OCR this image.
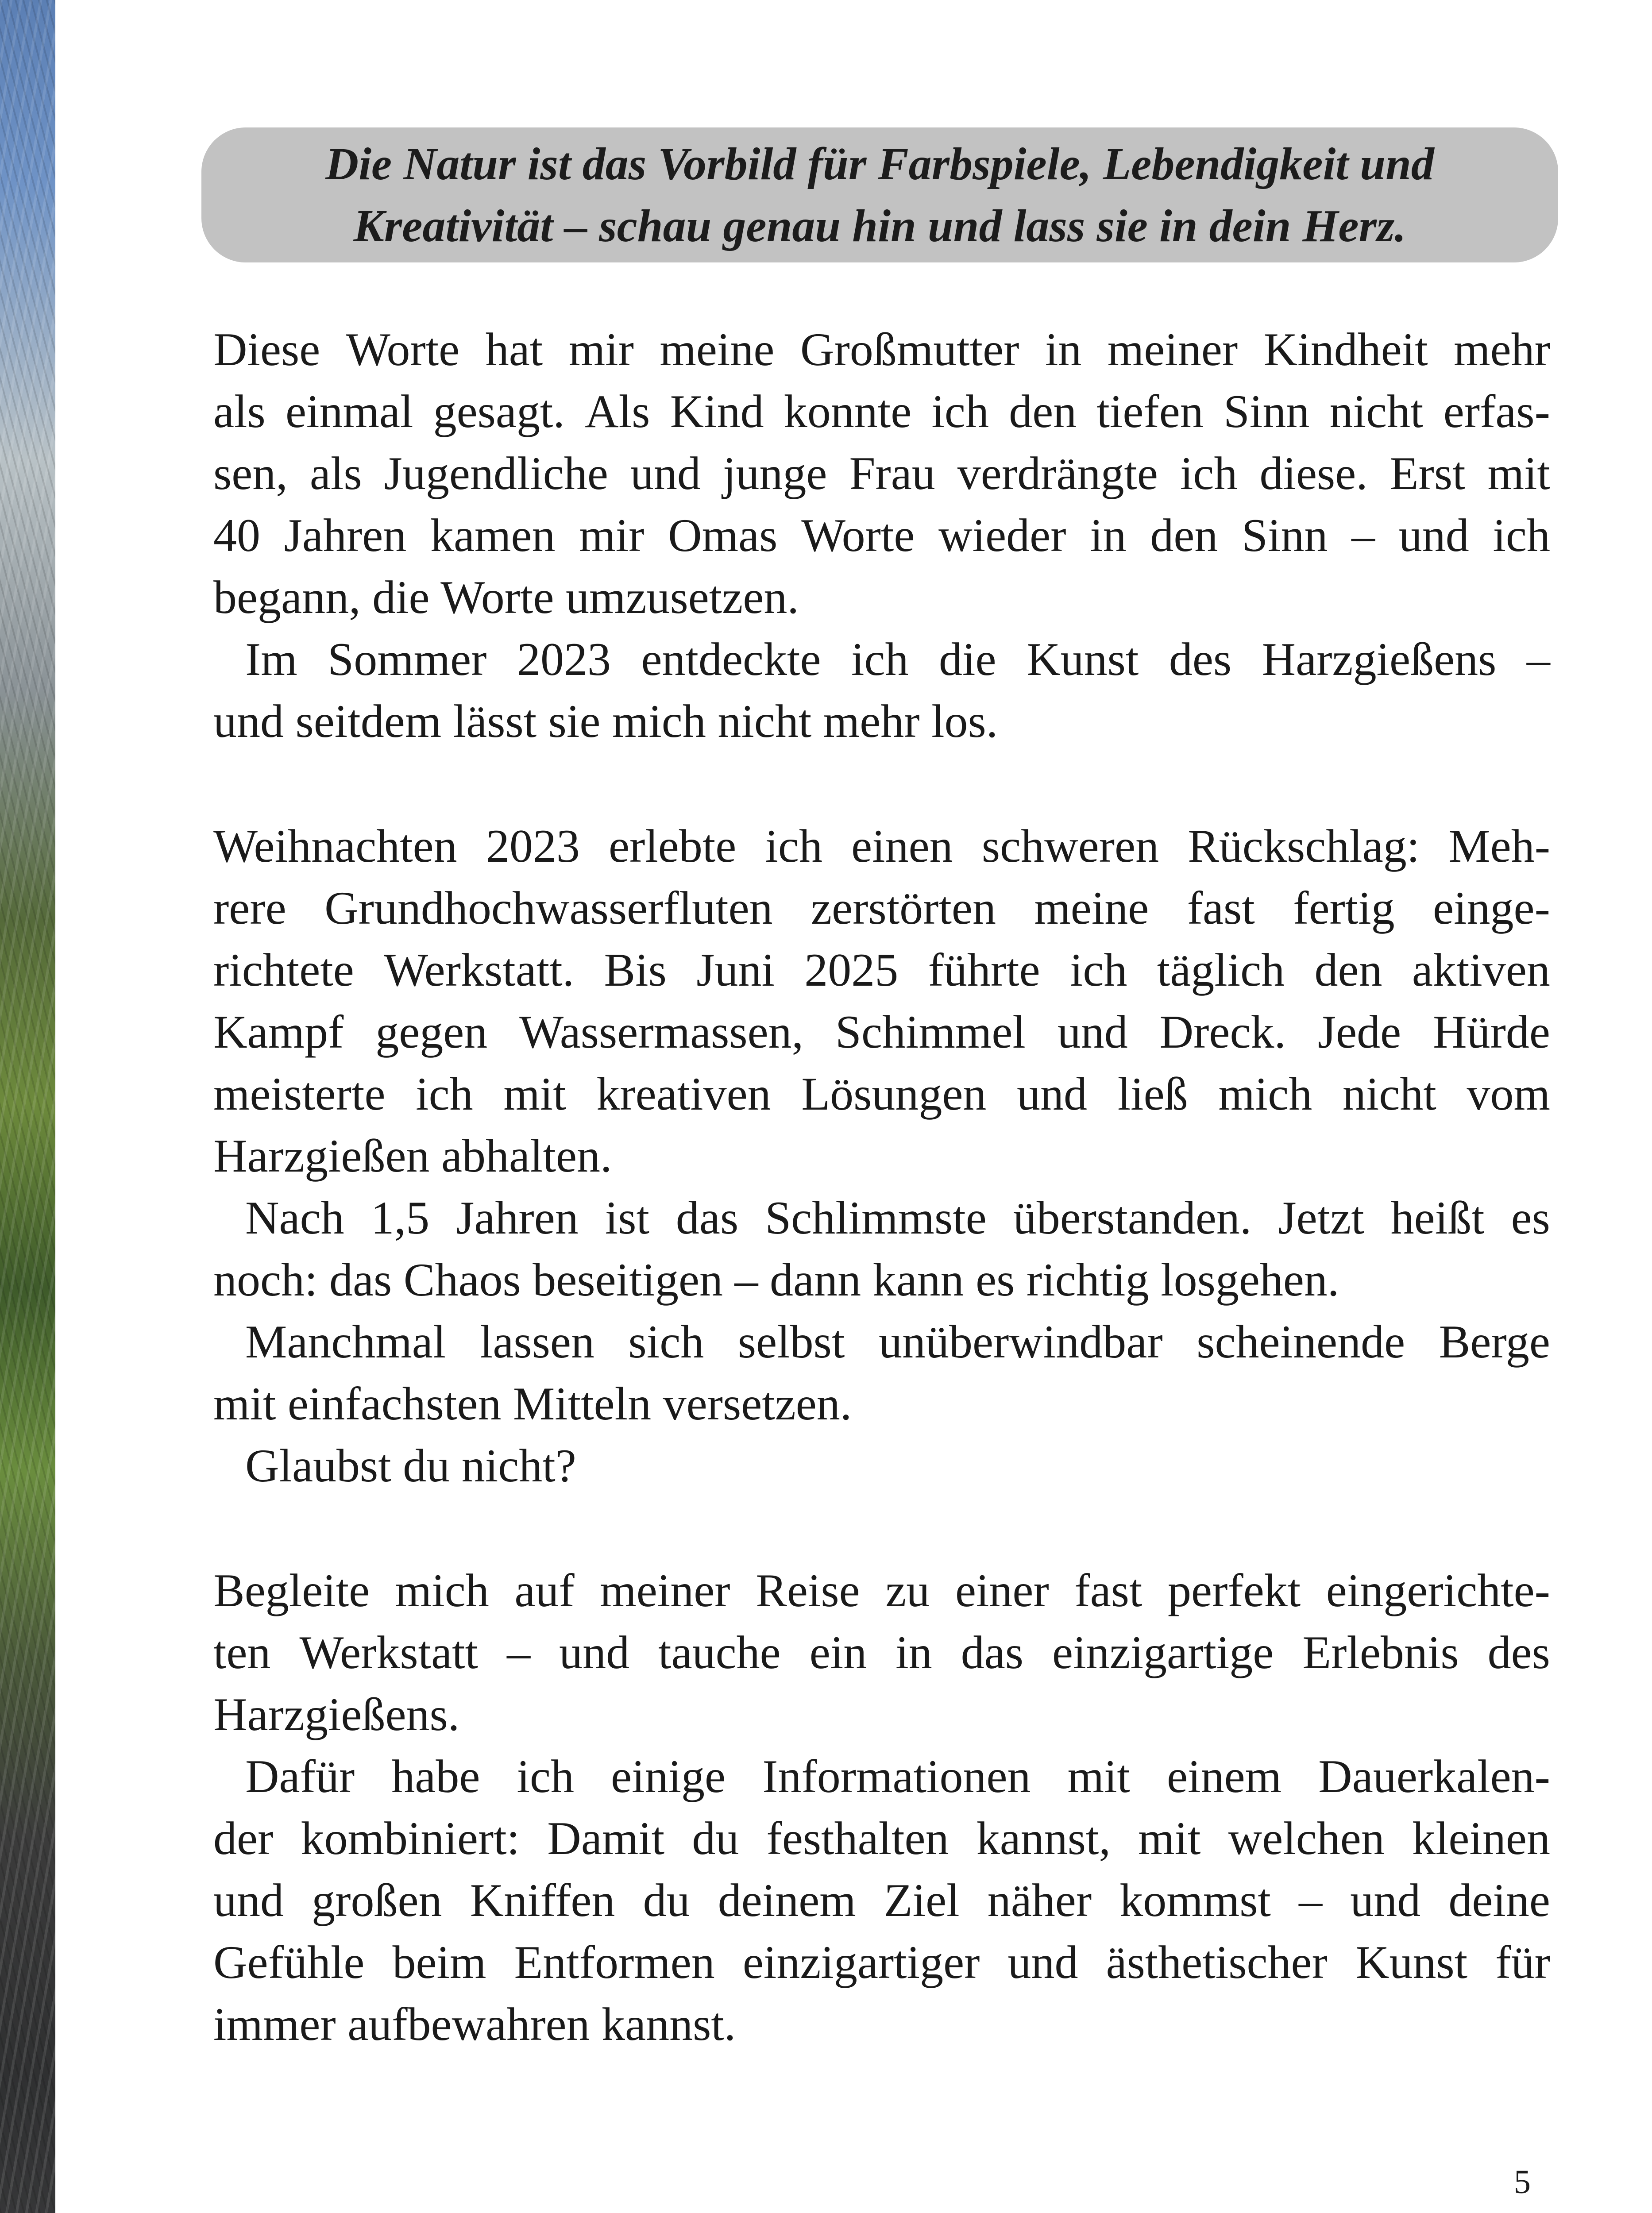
Die Natur ist das Vorbild für Farbspiele, Lebendigkeit und
Kreativität – schau genau hin und lass sie in dein Herz.
Diese Worte hat mir meine Großmutter in meiner Kindheit mehr
als einmal gesagt. Als Kind konnte ich den tiefen Sinn nicht erfas-
sen, als Jugendliche und junge Frau verdrängte ich diese. Erst mit
40 Jahren kamen mir Omas Worte wieder in den Sinn – und ich
begann, die Worte umzusetzen.
Im Sommer 2023 entdeckte ich die Kunst des Harzgießens –
und seitdem lässt sie mich nicht mehr los.
Weihnachten 2023 erlebte ich einen schweren Rückschlag: Meh-
rere Grundhochwasserfluten zerstörten meine fast fertig einge-
richtete Werkstatt. Bis Juni 2025 führte ich täglich den aktiven
Kampf gegen Wassermassen, Schimmel und Dreck. Jede Hürde
meisterte ich mit kreativen Lösungen und ließ mich nicht vom
Harzgießen abhalten.
Nach 1,5 Jahren ist das Schlimmste überstanden. Jetzt heißt es
noch: das Chaos beseitigen – dann kann es richtig losgehen.
Manchmal lassen sich selbst unüberwindbar scheinende Berge
mit einfachsten Mitteln versetzen.
Glaubst du nicht?
Begleite mich auf meiner Reise zu einer fast perfekt eingerichte-
ten Werkstatt – und tauche ein in das einzigartige Erlebnis des
Harzgießens.
Dafür habe ich einige Informationen mit einem Dauerkalen-
der kombiniert: Damit du festhalten kannst, mit welchen kleinen
und großen Kniffen du deinem Ziel näher kommst – und deine
Gefühle beim Entformen einzigartiger und ästhetischer Kunst für
immer aufbewahren kannst.
5
